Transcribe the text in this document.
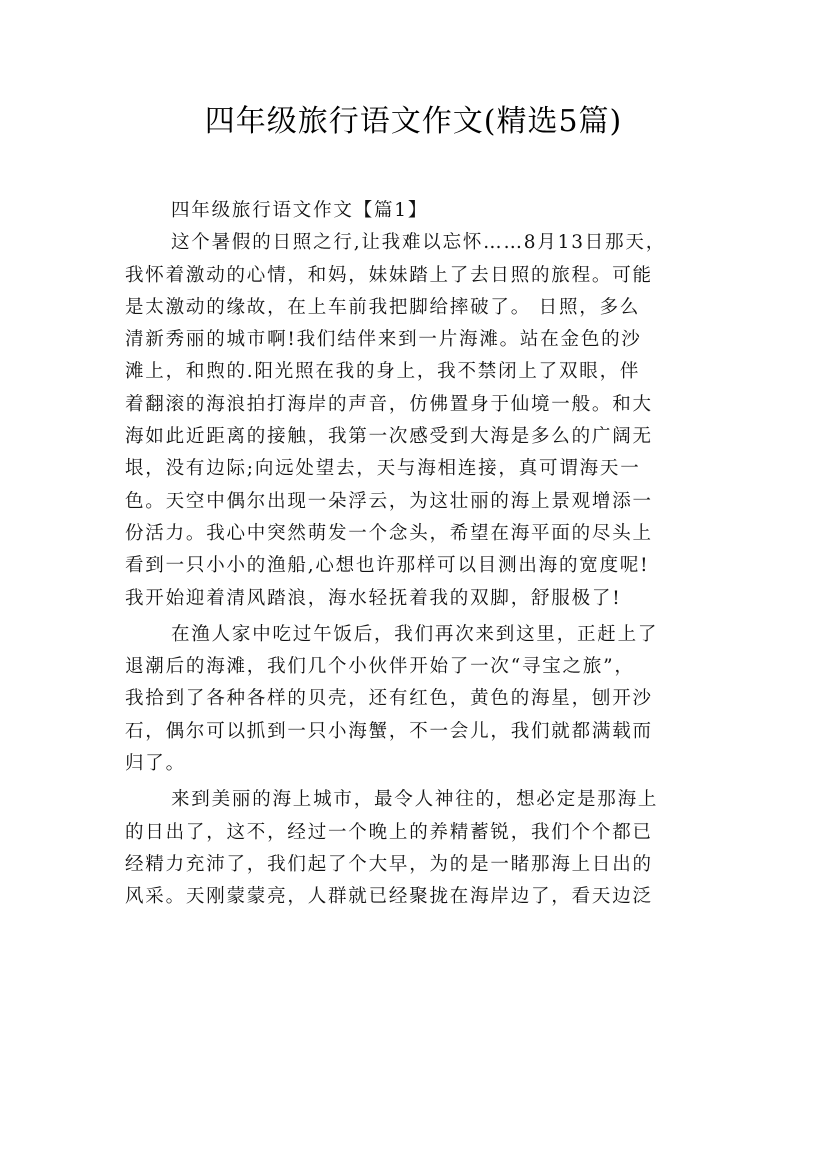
四年级旅行语文作文(精选5篇)
四年级旅行语文作文【篇1】
这个暑假的日照之行,让我难以忘怀……8月13日那天，
我怀着激动的心情，和妈，妹妹踏上了去日照的旅程。可能
是太激动的缘故，在上车前我把脚给摔破了。 日照，多么
清新秀丽的城市啊!我们结伴来到一片海滩。站在金色的沙
滩上，和煦的.阳光照在我的身上，我不禁闭上了双眼，伴
着翻滚的海浪拍打海岸的声音，仿佛置身于仙境一般。和大
海如此近距离的接触，我第一次感受到大海是多么的广阔无
垠，没有边际;向远处望去，天与海相连接，真可谓海天一
色。天空中偶尔出现一朵浮云，为这壮丽的海上景观增添一
份活力。我心中突然萌发一个念头，希望在海平面的尽头上
看到一只小小的渔船,心想也许那样可以目测出海的宽度呢!
我开始迎着清风踏浪，海水轻抚着我的双脚，舒服极了!
在渔人家中吃过午饭后，我们再次来到这里，正赶上了
退潮后的海滩，我们几个小伙伴开始了一次“寻宝之旅”，
我拾到了各种各样的贝壳，还有红色，黄色的海星，刨开沙
石，偶尔可以抓到一只小海蟹，不一会儿，我们就都满载而
归了。
来到美丽的海上城市，最令人神往的，想必定是那海上
的日出了，这不，经过一个晚上的养精蓄锐，我们个个都已
经精力充沛了，我们起了个大早，为的是一睹那海上日出的
风采。天刚蒙蒙亮，人群就已经聚拢在海岸边了，看天边泛
